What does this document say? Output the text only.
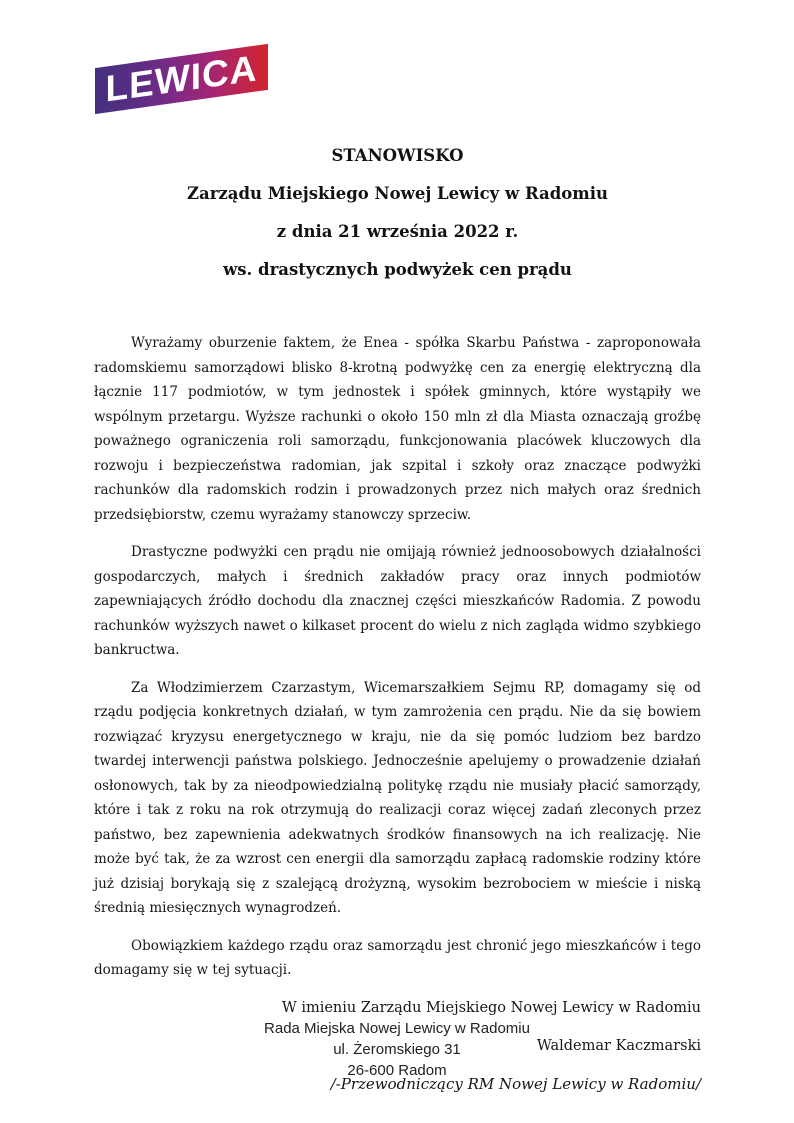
LEWICA

STANOWISKO

Zarządu Miejskiego Nowej Lewicy w Radomiu

z dnia 21 września 2022 r.

ws. drastycznych podwyżek cen prądu

Wyrażamy oburzenie faktem, że Enea - spółka Skarbu Państwa - zaproponowała radomskiemu samorządowi blisko 8-krotną podwyżkę cen za energię elektryczną dla łącznie 117 podmiotów, w tym jednostek i spółek gminnych, które wystąpiły we wspólnym przetargu. Wyższe rachunki o około 150 mln zł dla Miasta oznaczają groźbę poważnego ograniczenia roli samorządu, funkcjonowania placówek kluczowych dla rozwoju i bezpieczeństwa radomian, jak szpital i szkoły oraz znaczące podwyżki rachunków dla radomskich rodzin i prowadzonych przez nich małych oraz średnich przedsiębiorstw, czemu wyrażamy stanowczy sprzeciw.

Drastyczne podwyżki cen prądu nie omijają również jednoosobowych działalności gospodarczych, małych i średnich zakładów pracy oraz innych podmiotów zapewniających źródło dochodu dla znacznej części mieszkańców Radomia. Z powodu rachunków wyższych nawet o kilkaset procent do wielu z nich zagląda widmo szybkiego bankructwa.

Za Włodzimierzem Czarzastym, Wicemarszałkiem Sejmu RP, domagamy się od rządu podjęcia konkretnych działań, w tym zamrożenia cen prądu. Nie da się bowiem rozwiązać kryzysu energetycznego w kraju, nie da się pomóc ludziom bez bardzo twardej interwencji państwa polskiego. Jednocześnie apelujemy o prowadzenie działań osłonowych, tak by za nieodpowiedzialną politykę rządu nie musiały płacić samorządy, które i tak z roku na rok otrzymują do realizacji coraz więcej zadań zleconych przez państwo, bez zapewnienia adekwatnych środków finansowych na ich realizację. Nie może być tak, że za wzrost cen energii dla samorządu zapłacą radomskie rodziny które już dzisiaj borykają się z szalejącą drożyzną, wysokim bezrobociem w mieście i niską średnią miesięcznych wynagrodzeń.

Obowiązkiem każdego rządu oraz samorządu jest chronić jego mieszkańców i tego domagamy się w tej sytuacji.

W imieniu Zarządu Miejskiego Nowej Lewicy w Radomiu

Waldemar Kaczmarski

/-Przewodniczący RM Nowej Lewicy w Radomiu/

Rada Miejska Nowej Lewicy w Radomiu

ul. Żeromskiego 31

26-600 Radom
